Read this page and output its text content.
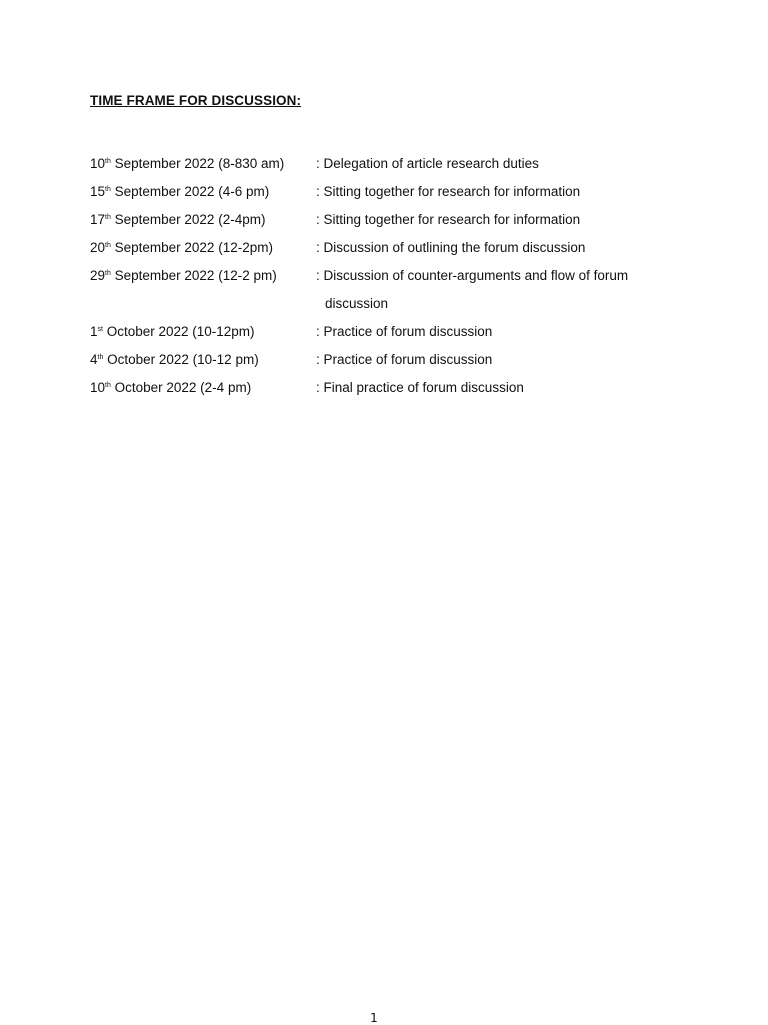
TIME FRAME FOR DISCUSSION:
10th September 2022 (8-830 am)	: Delegation of article research duties
15th September 2022 (4-6 pm)	: Sitting together for research for information
17th September 2022 (2-4pm)	: Sitting together for research for information
20th September 2022 (12-2pm)	: Discussion of outlining the forum discussion
29th September 2022 (12-2 pm)	: Discussion of counter-arguments and flow of forum
discussion
1st October 2022 (10-12pm)	: Practice of forum discussion
4th October 2022 (10-12 pm)	: Practice of forum discussion
10th October 2022 (2-4 pm)	: Final practice of forum discussion
1
